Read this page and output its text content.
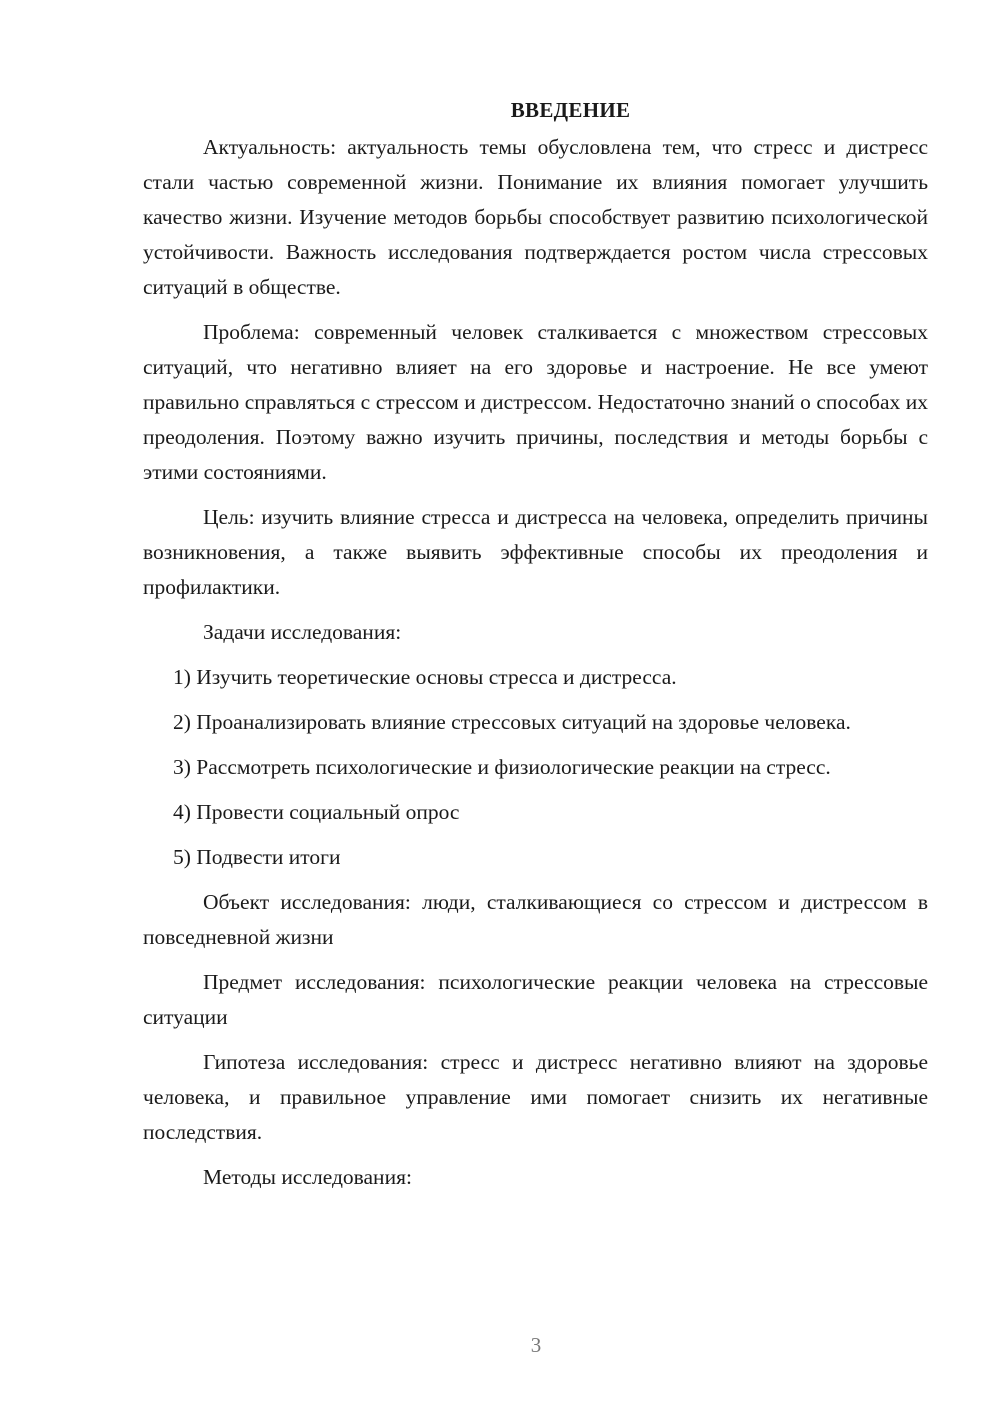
ВВЕДЕНИЕ

Актуальность: актуальность темы обусловлена тем, что стресс и дистресс стали частью современной жизни. Понимание их влияния помогает улучшить качество жизни. Изучение методов борьбы способствует развитию психологической устойчивости. Важность исследования подтверждается ростом числа стрессовых ситуаций в обществе.

Проблема: современный человек сталкивается с множеством стрессовых ситуаций, что негативно влияет на его здоровье и настроение. Не все умеют правильно справляться с стрессом и дистрессом. Недостаточно знаний о способах их преодоления. Поэтому важно изучить причины, последствия и методы борьбы с этими состояниями.

Цель: изучить влияние стресса и дистресса на человека, определить причины возникновения, а также выявить эффективные способы их преодоления и профилактики.

Задачи исследования:

1) Изучить теоретические основы стресса и дистресса.

2) Проанализировать влияние стрессовых ситуаций на здоровье человека.

3) Рассмотреть психологические и физиологические реакции на стресс.

4) Провести социальный опрос

5) Подвести итоги

Объект исследования: люди, сталкивающиеся со стрессом и дистрессом в повседневной жизни

Предмет исследования: психологические реакции человека на стрессовые ситуации

Гипотеза исследования: стресс и дистресс негативно влияют на здоровье человека, и правильное управление ими помогает снизить их негативные последствия.

Методы исследования:

3
